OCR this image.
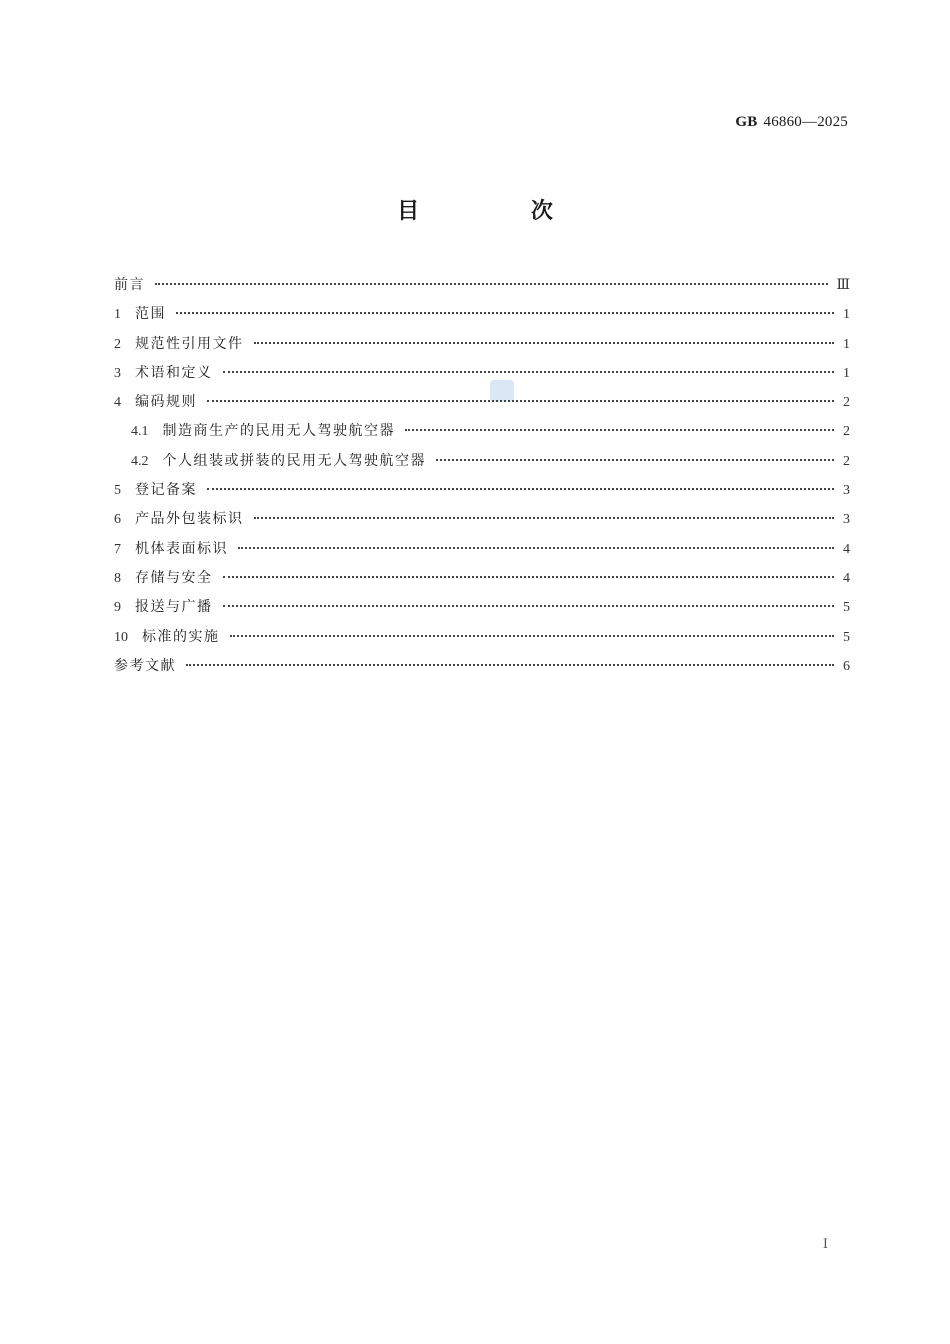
GB 46860—2025
目 次
前言	Ⅲ
1 范围	1
2 规范性引用文件	1
3 术语和定义	1
4 编码规则	2
4.1 制造商生产的民用无人驾驶航空器	2
4.2 个人组装或拼装的民用无人驾驶航空器	2
5 登记备案	3
6 产品外包装标识	3
7 机体表面标识	4
8 存储与安全	4
9 报送与广播	5
10 标准的实施	5
参考文献	6
Ⅰ
